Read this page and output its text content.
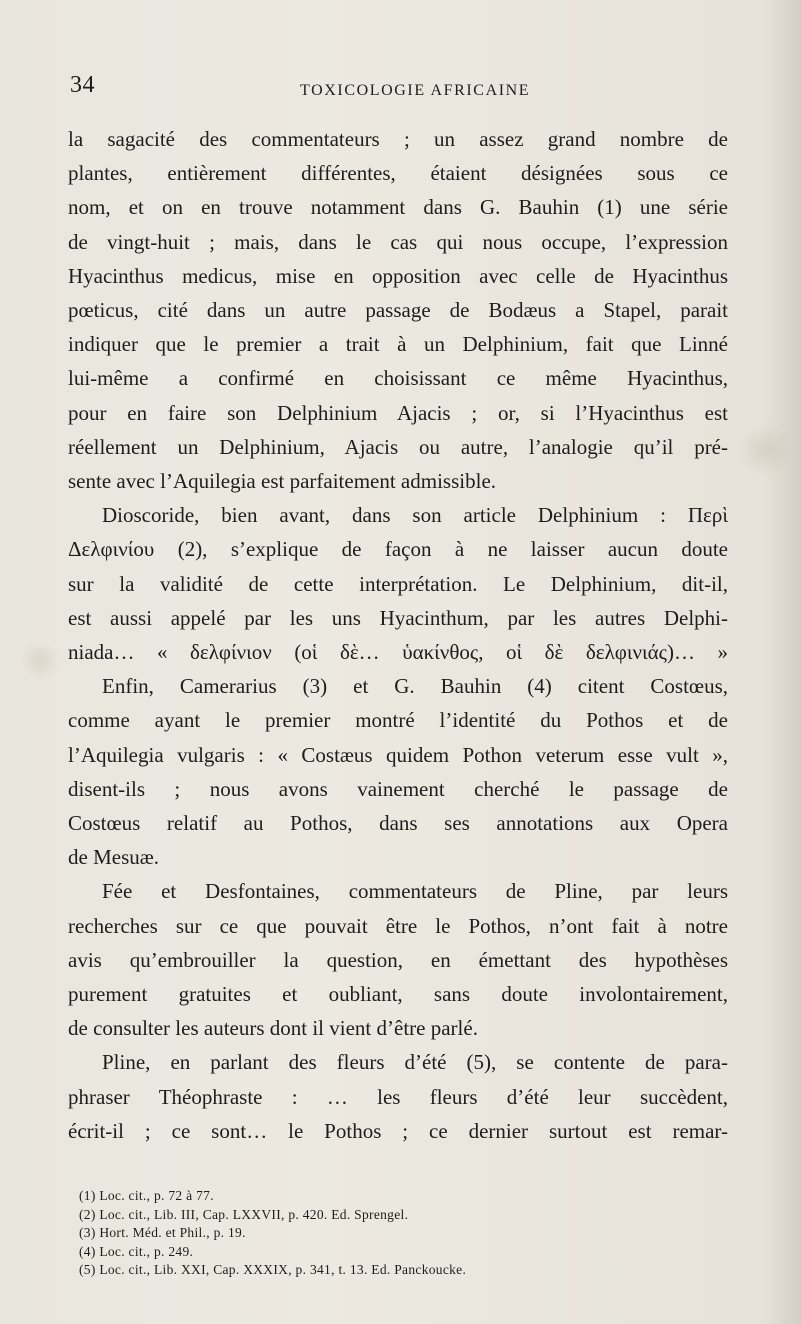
34	TOXICOLOGIE AFRICAINE
la sagacité des commentateurs ; un assez grand nombre de
plantes, entièrement différentes, étaient désignées sous ce
nom, et on en trouve notamment dans G. Bauhin (1) une série
de vingt-huit ; mais, dans le cas qui nous occupe, l’expression
Hyacinthus medicus, mise en opposition avec celle de Hyacinthus
pœticus, cité dans un autre passage de Bodæus a Stapel, parait
indiquer que le premier a trait à un Delphinium, fait que Linné
lui-même a confirmé en choisissant ce même Hyacinthus,
pour en faire son Delphinium Ajacis ; or, si l’Hyacinthus est
réellement un Delphinium, Ajacis ou autre, l’analogie qu’il pré-
sente avec l’Aquilegia est parfaitement admissible.
Dioscoride, bien avant, dans son article Delphinium : Περὶ
Δελφινίου (2), s’explique de façon à ne laisser aucun doute
sur la validité de cette interprétation. Le Delphinium, dit-il,
est aussi appelé par les uns Hyacinthum, par les autres Delphi-
niada… « δελφίνιον (οἱ δὲ… ὑακίνθος, οἱ δὲ δελφινιάς)… »
Enfin, Camerarius (3) et G. Bauhin (4) citent Costœus,
comme ayant le premier montré l’identité du Pothos et de
l’Aquilegia vulgaris : « Costæus quidem Pothon veterum esse vult »,
disent-ils ; nous avons vainement cherché le passage de
Costœus relatif au Pothos, dans ses annotations aux Opera
de Mesuæ.
Fée et Desfontaines, commentateurs de Pline, par leurs
recherches sur ce que pouvait être le Pothos, n’ont fait à notre
avis qu’embrouiller la question, en émettant des hypothèses
purement gratuites et oubliant, sans doute involontairement,
de consulter les auteurs dont il vient d’être parlé.
Pline, en parlant des fleurs d’été (5), se contente de para-
phraser Théophraste : … les fleurs d’été leur succèdent,
écrit-il ; ce sont… le Pothos ; ce dernier surtout est remar-
(1) Loc. cit., p. 72 à 77.
(2) Loc. cit., Lib. III, Cap. LXXVII, p. 420. Ed. Sprengel.
(3) Hort. Méd. et Phil., p. 19.
(4) Loc. cit., p. 249.
(5) Loc. cit., Lib. XXI, Cap. XXXIX, p. 341, t. 13. Ed. Panckoucke.
